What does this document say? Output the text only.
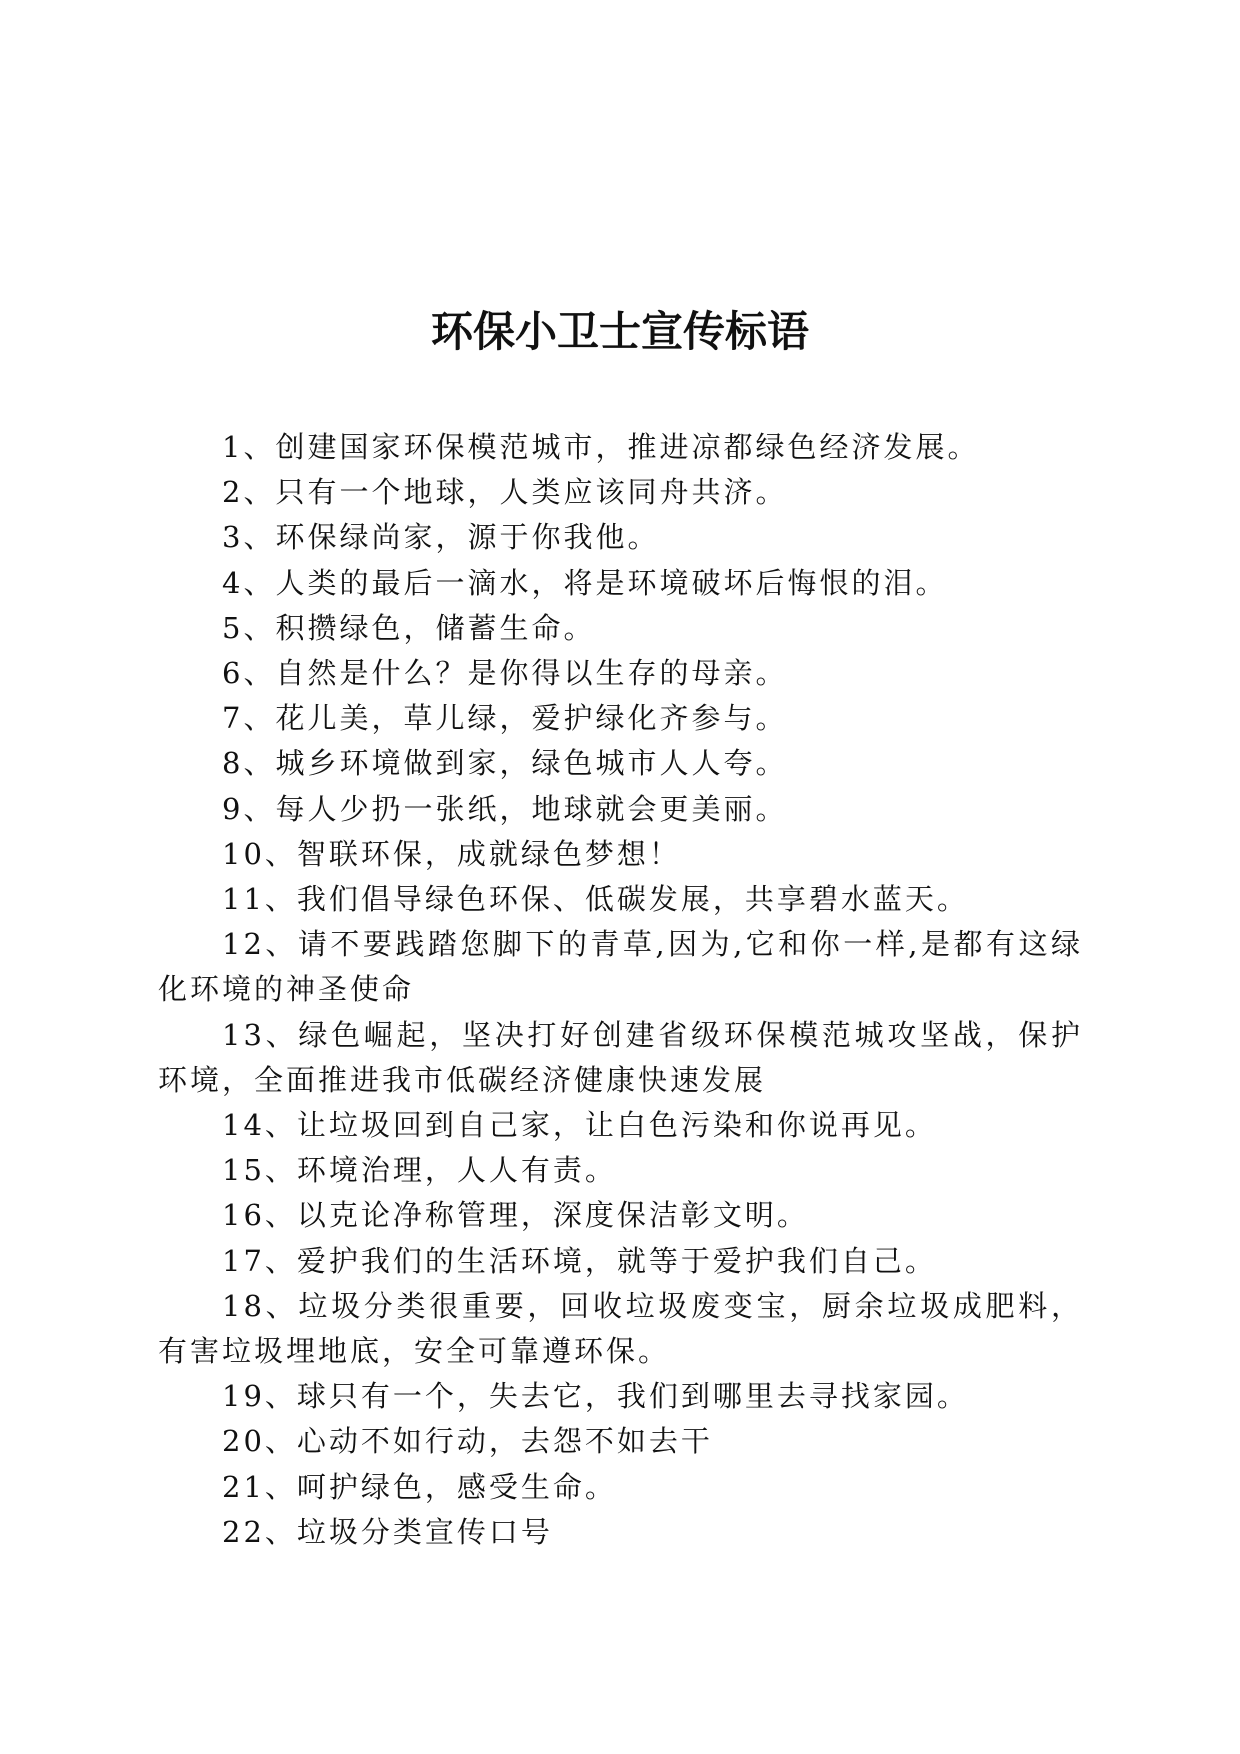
环保小卫士宣传标语
1、创建国家环保模范城市，推进凉都绿色经济发展。
2、只有一个地球，人类应该同舟共济。
3、环保绿尚家，源于你我他。
4、人类的最后一滴水，将是环境破坏后悔恨的泪。
5、积攒绿色，储蓄生命。
6、自然是什么？是你得以生存的母亲。
7、花儿美，草儿绿，爱护绿化齐参与。
8、城乡环境做到家，绿色城市人人夸。
9、每人少扔一张纸，地球就会更美丽。
10、智联环保，成就绿色梦想！
11、我们倡导绿色环保、低碳发展，共享碧水蓝天。
12、请不要践踏您脚下的青草,因为,它和你一样,是都有这绿化环境的神圣使命
13、绿色崛起，坚决打好创建省级环保模范城攻坚战，保护环境，全面推进我市低碳经济健康快速发展
14、让垃圾回到自己家，让白色污染和你说再见。
15、环境治理，人人有责。
16、以克论净称管理，深度保洁彰文明。
17、爱护我们的生活环境，就等于爱护我们自己。
18、垃圾分类很重要，回收垃圾废变宝，厨余垃圾成肥料，有害垃圾埋地底，安全可靠遵环保。
19、球只有一个，失去它，我们到哪里去寻找家园。
20、心动不如行动，去怨不如去干
21、呵护绿色，感受生命。
22、垃圾分类宣传口号
